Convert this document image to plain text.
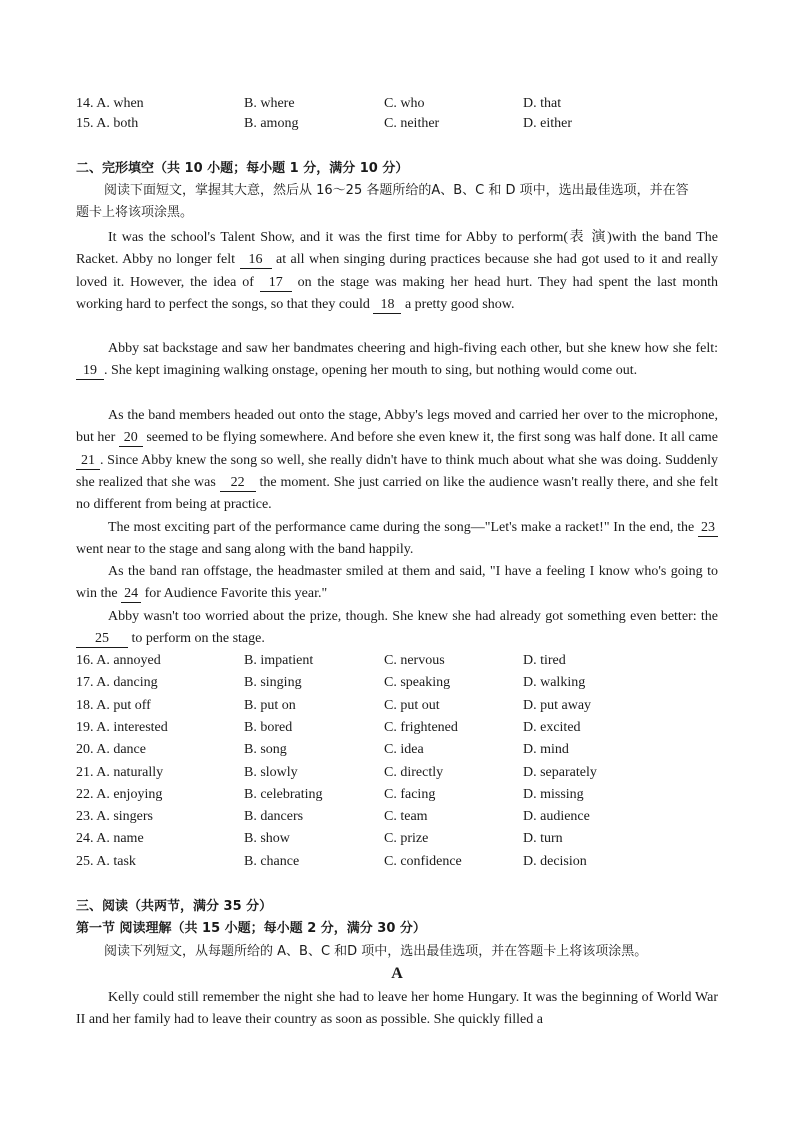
14. A. when	B. where	C. who	D. that
15. A. both	B. among	C. neither	D. either
二、完形填空（共 10 小题；每小题 1 分，满分 10 分）
阅读下面短文，掌握其大意，然后从 16～25 各题所给的A、B、C 和 D 项中，选出最佳选项，并在答
题卡上将该项涂黑。

It was the school's Talent Show, and it was the first time for Abby to perform(表 演)with the band The Racket. Abby no longer felt 16 at all when singing during practices because she had got used to it and really loved it. However, the idea of 17 on the stage was making her head hurt. They had spent the last month working hard to perfect the songs, so that they could 18 a pretty good show.

Abby sat backstage and saw her bandmates cheering and high-fiving each other, but she knew how she felt: 19 . She kept imagining walking onstage, opening her mouth to sing, but nothing would come out.

As the band members headed out onto the stage, Abby's legs moved and carried her over to the microphone, but her 20 seemed to be flying somewhere. And before she even knew it, the first song was half done. It all came 21 . Since Abby knew the song so well, she really didn't have to think much about what she was doing. Suddenly she realized that she was 22 the moment. She just carried on like the audience wasn't really there, and she felt no different from being at practice.

The most exciting part of the performance came during the song—"Let's make a racket!" In the end, the 23 went near to the stage and sang along with the band happily.

As the band ran offstage, the headmaster smiled at them and said, "I have a feeling I know who's going to win the 24 for Audience Favorite this year."

Abby wasn't too worried about the prize, though. She knew she had already got something even better: the 25 to perform on the stage.

16. A. annoyed	B. impatient	C. nervous	D. tired
17. A. dancing	B. singing	C. speaking	D. walking
18. A. put off	B. put on	C. put out	D. put away
19. A. interested	B. bored	C. frightened	D. excited
20. A. dance	B. song	C. idea	D. mind
21. A. naturally	B. slowly	C. directly	D. separately
22. A. enjoying	B. celebrating	C. facing	D. missing
23. A. singers	B. dancers	C. team	D. audience
24. A. name	B. show	C. prize	D. turn
25. A. task	B. chance	C. confidence	D. decision
三、阅读（共两节，满分 35 分）
第一节 阅读理解（共 15 小题；每小题 2 分，满分 30 分）
阅读下列短文，从每题所给的 A、B、C 和D 项中，选出最佳选项，并在答题卡上将该项涂黑。
A

Kelly could still remember the night she had to leave her home Hungary. It was the beginning of World War II and her family had to leave their country as soon as possible. She quickly filled a
